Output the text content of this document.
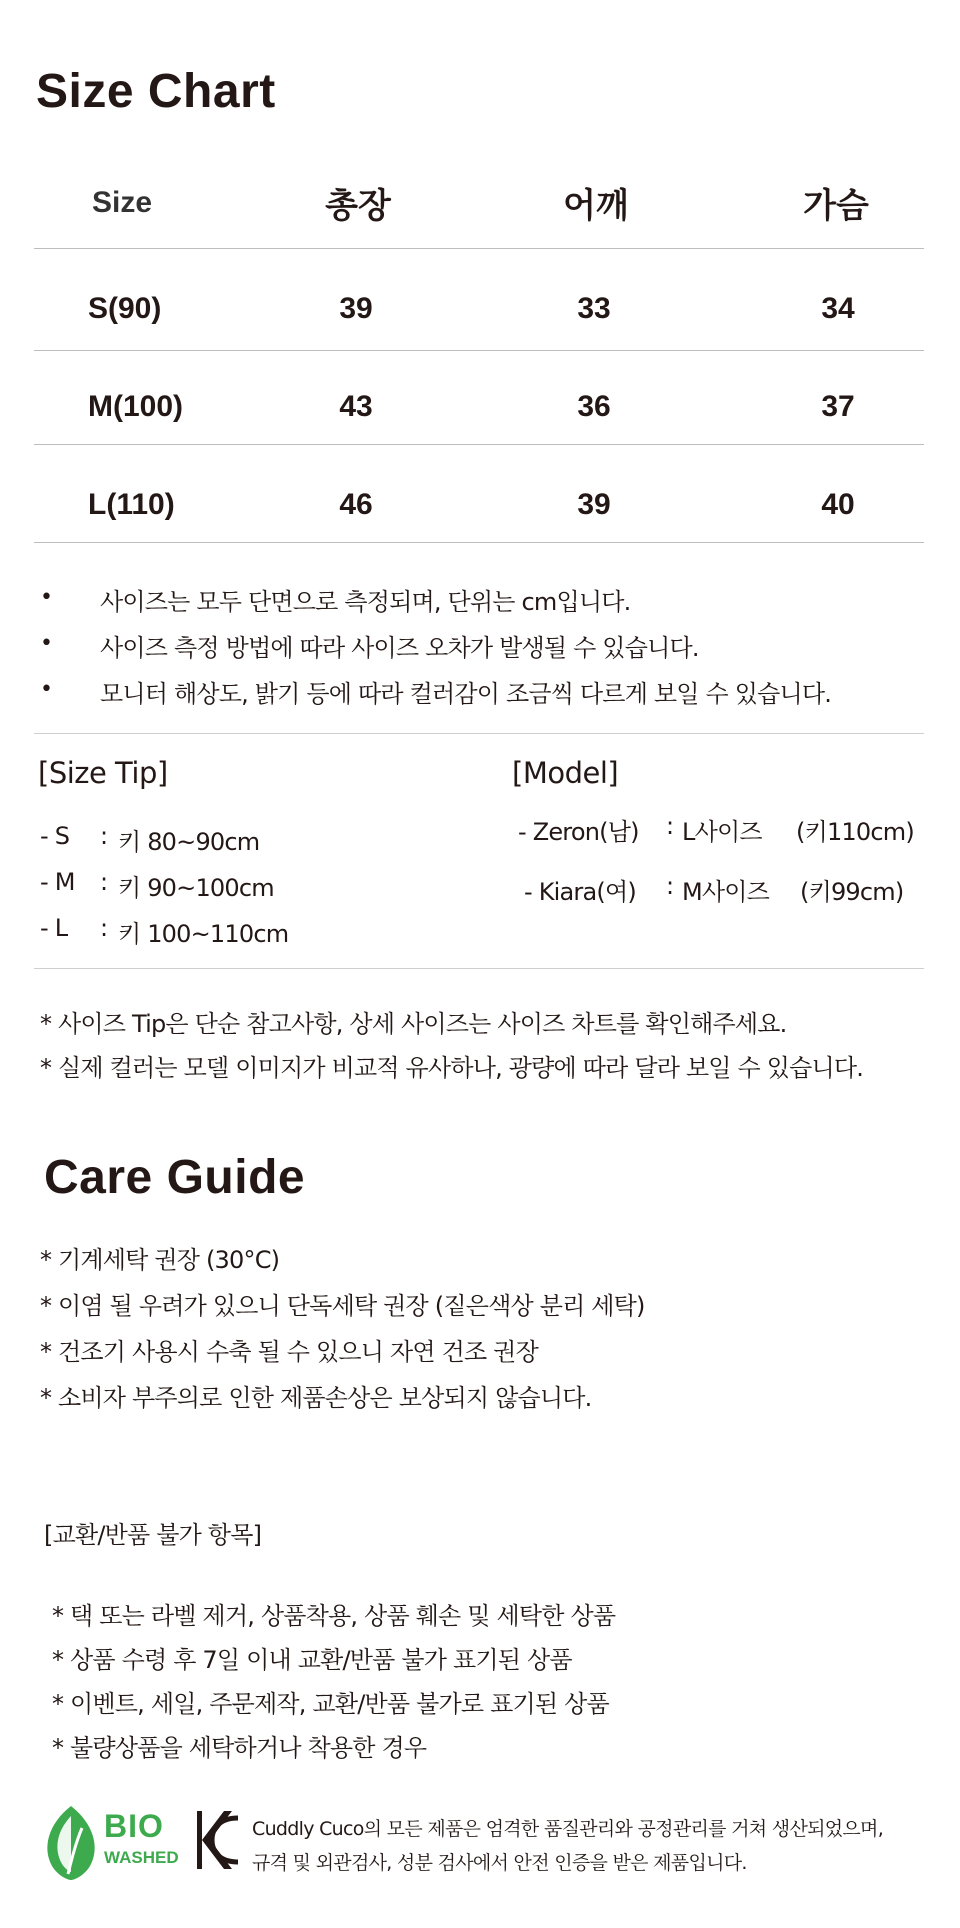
Size Chart
Size	총장	어깨	가슴
S(90)	39	33	34
M(100)	43	36	37
L(110)	46	39	40
• 사이즈는 모두 단면으로 측정되며, 단위는 cm입니다.
• 사이즈 측정 방법에 따라 사이즈 오차가 발생될 수 있습니다.
• 모니터 해상도, 밝기 등에 따라 컬러감이 조금씩 다르게 보일 수 있습니다.
[Size Tip]
- S : 키 80~90cm
- M : 키 90~100cm
- L : 키 100~110cm
[Model]
- Zeron(남) : L사이즈 (키110cm)
- Kiara(여) : M사이즈 (키99cm)
* 사이즈 Tip은 단순 참고사항, 상세 사이즈는 사이즈 차트를 확인해주세요.
* 실제 컬러는 모델 이미지가 비교적 유사하나, 광량에 따라 달라 보일 수 있습니다.
Care Guide
* 기계세탁 권장 (30°C)
* 이염 될 우려가 있으니 단독세탁 권장 (짙은색상 분리 세탁)
* 건조기 사용시 수축 될 수 있으니 자연 건조 권장
* 소비자 부주의로 인한 제품손상은 보상되지 않습니다.
[교환/반품 불가 항목]
* 택 또는 라벨 제거, 상품착용, 상품 훼손 및 세탁한 상품
* 상품 수령 후 7일 이내 교환/반품 불가 표기된 상품
* 이벤트, 세일, 주문제작, 교환/반품 불가로 표기된 상품
* 불량상품을 세탁하거나 착용한 경우
BIO
WASHED
Cuddly Cuco의 모든 제품은 엄격한 품질관리와 공정관리를 거쳐 생산되었으며,
규격 및 외관검사, 성분 검사에서 안전 인증을 받은 제품입니다.
